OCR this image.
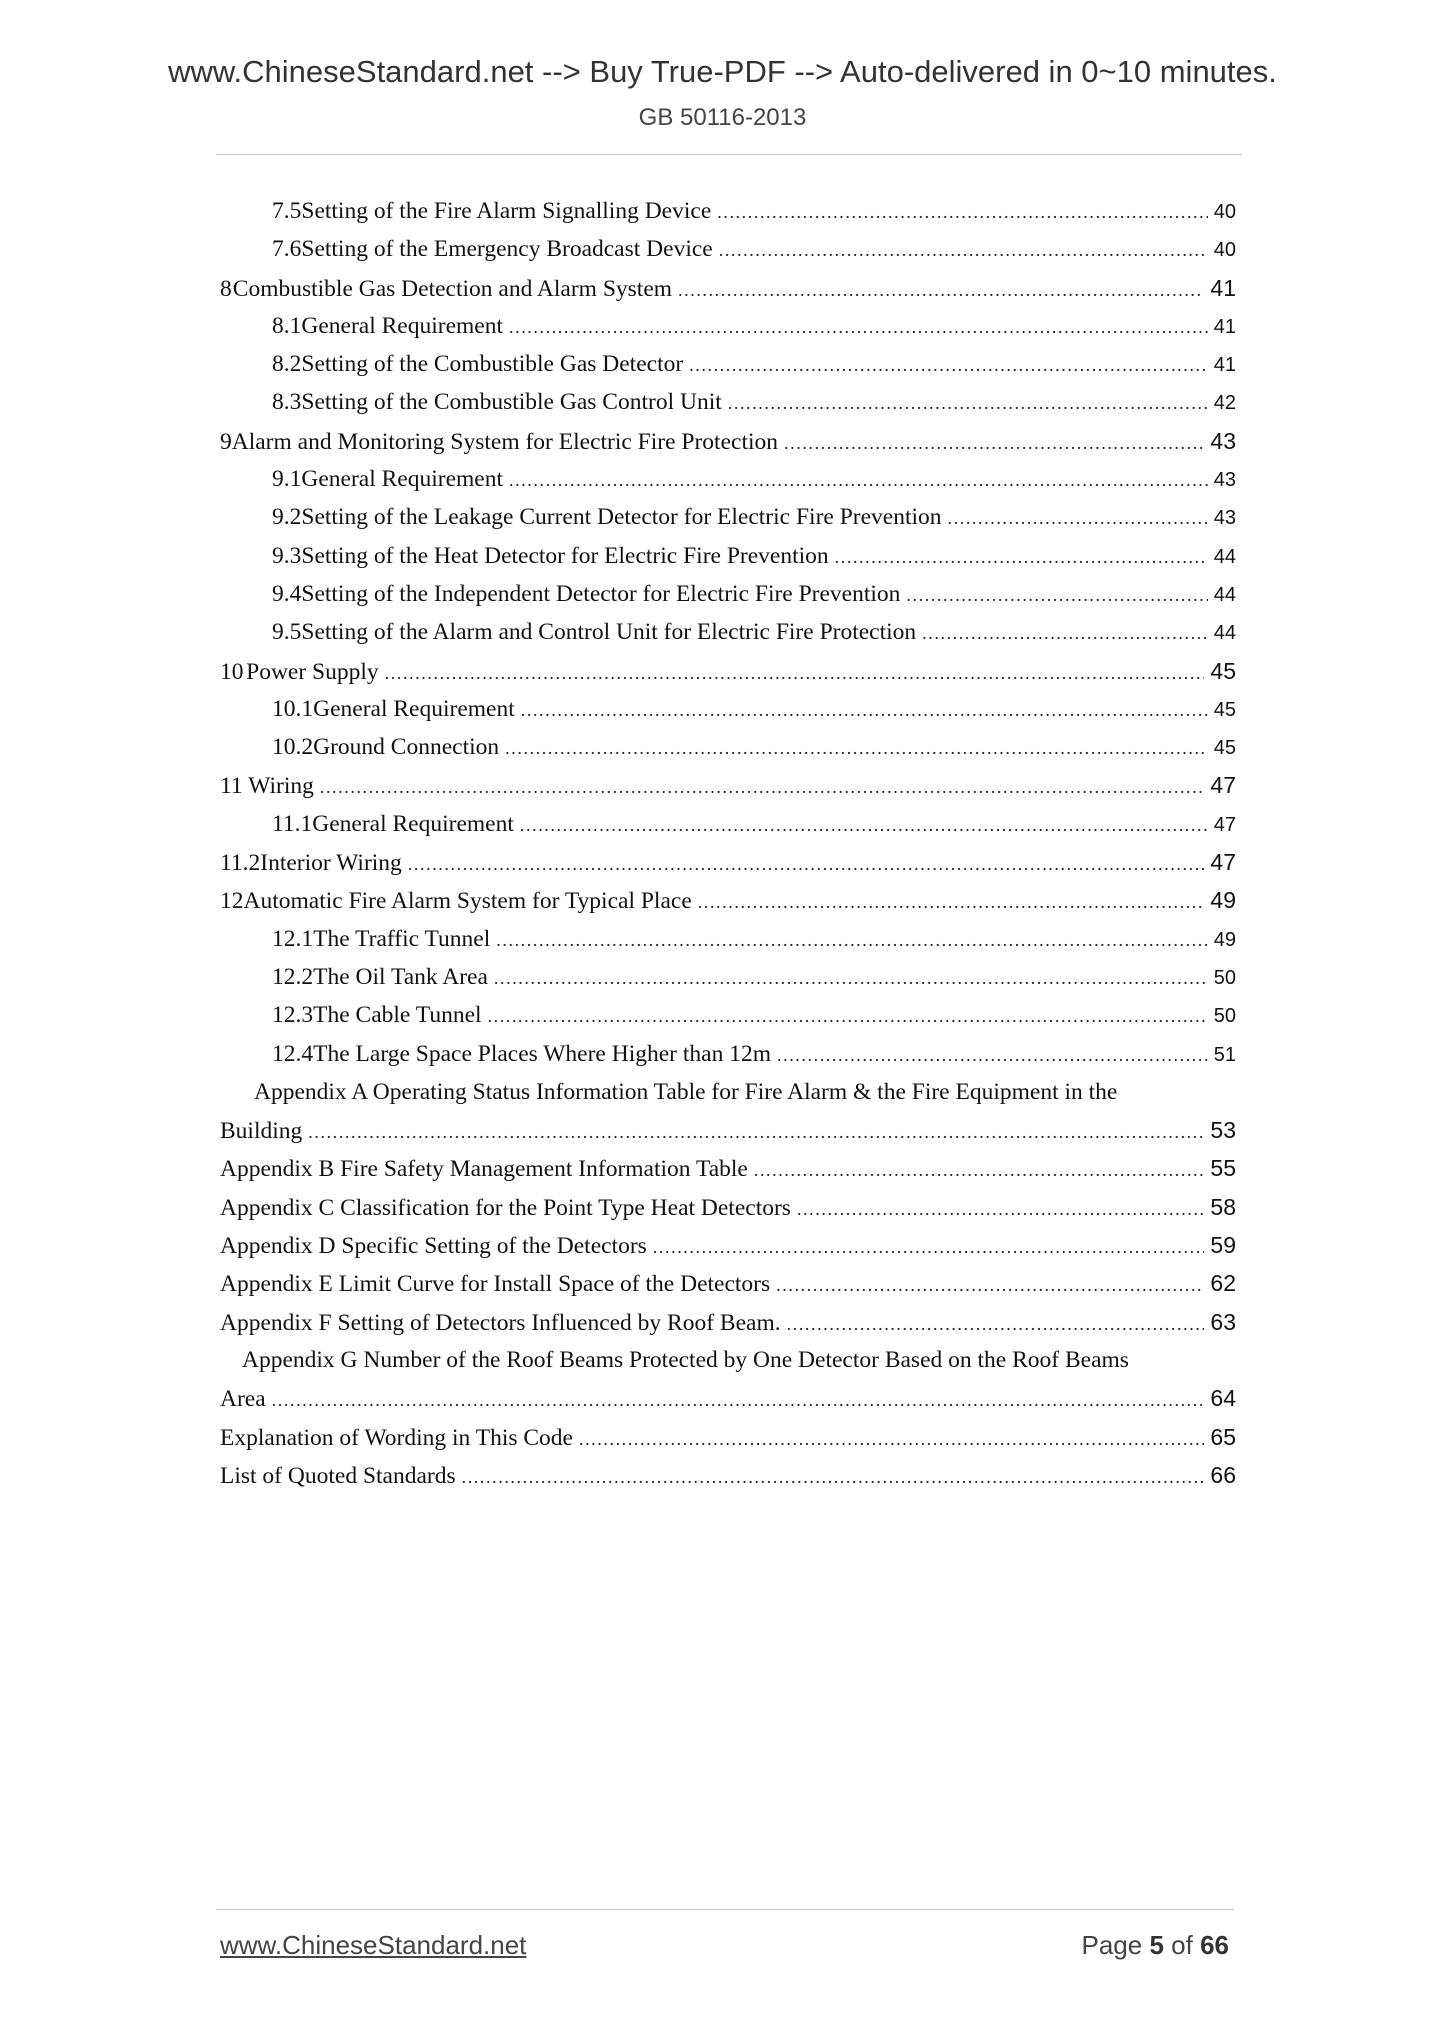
www.ChineseStandard.net --> Buy True-PDF --> Auto-delivered in 0~10 minutes.
GB 50116-2013
7.5 Setting of the Fire Alarm Signalling Device .....	40
7.6 Setting of the Emergency Broadcast Device .....	40
8 Combustible Gas Detection and Alarm System .....	41
8.1 General Requirement .....	41
8.2 Setting of the Combustible Gas Detector .....	41
8.3 Setting of the Combustible Gas Control Unit .....	42
9 Alarm and Monitoring System for Electric Fire Protection .....	43
9.1 General Requirement .....	43
9.2 Setting of the Leakage Current Detector for Electric Fire Prevention .....	43
9.3 Setting of the Heat Detector for Electric Fire Prevention .....	44
9.4 Setting of the Independent Detector for Electric Fire Prevention .....	44
9.5 Setting of the Alarm and Control Unit for Electric Fire Protection .....	44
10 Power Supply .....	45
10.1 General Requirement .....	45
10.2 Ground Connection .....	45
11 Wiring .....	47
11.1 General Requirement .....	47
11.2 Interior Wiring .....	47
12 Automatic Fire Alarm System for Typical Place .....	49
12.1 The Traffic Tunnel .....	49
12.2 The Oil Tank Area .....	50
12.3 The Cable Tunnel .....	50
12.4 The Large Space Places Where Higher than 12m .....	51
Appendix A Operating Status Information Table for Fire Alarm & the Fire Equipment in the
Building .....	53
Appendix B Fire Safety Management Information Table .....	55
Appendix C Classification for the Point Type Heat Detectors .....	58
Appendix D Specific Setting of the Detectors .....	59
Appendix E Limit Curve for Install Space of the Detectors .....	62
Appendix F Setting of Detectors Influenced by Roof Beam. .....	63
Appendix G Number of the Roof Beams Protected by One Detector Based on the Roof Beams
Area .....	64
Explanation of Wording in This Code .....	65
List of Quoted Standards .....	66
www.ChineseStandard.net	Page 5 of 66
